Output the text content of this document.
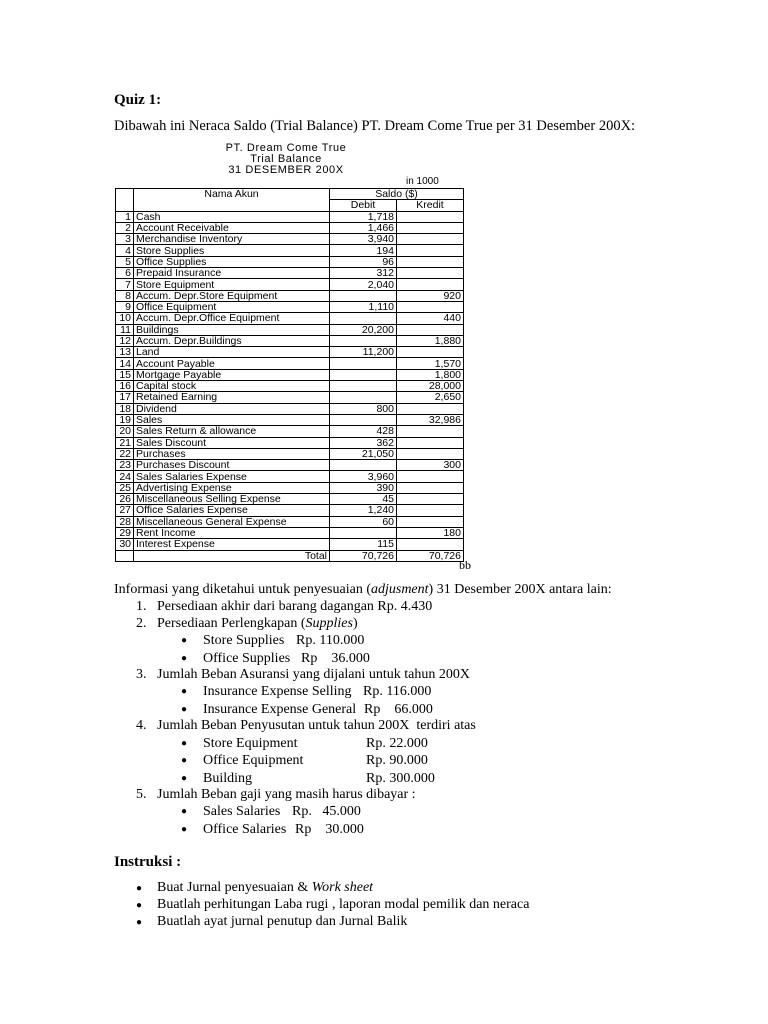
Quiz 1:
Dibawah ini Neraca Saldo (Trial Balance) PT. Dream Come True per 31 Desember 200X:
PT. Dream Come True
Trial Balance
31 DESEMBER 200X
in 1000
	Nama Akun	Saldo ($)	
		Debit	Kredit
1	Cash	1,718	
2	Account Receivable	1,466	
3	Merchandise Inventory	3,940	
4	Store Supplies	194	
5	Office Supplies	96	
6	Prepaid Insurance	312	
7	Store Equipment	2,040	
8	Accum. Depr.Store Equipment		920
9	Office Equipment	1,110	
10	Accum. Depr.Office Equipment		440
11	Buildings	20,200	
12	Accum. Depr.Buildings		1,880
13	Land	11,200	
14	Account Payable		1,570
15	Mortgage Payable		1,800
16	Capital stock		28,000
17	Retained Earning		2,650
18	Dividend	800	
19	Sales		32,986
20	Sales Return & allowance	428	
21	Sales Discount	362	
22	Purchases	21,050	
23	Purchases Discount		300
24	Sales Salaries Expense	3,960	
25	Advertising Expense	390	
26	Miscellaneous Selling Expense	45	
27	Office Salaries Expense	1,240	
28	Miscellaneous General Expense	60	
29	Rent Income		180
30	Interest Expense	115	
	Total	70,726	70,726
bb
Informasi yang diketahui untuk penyesuaian (adjusment) 31 Desember 200X antara lain:
1. Persediaan akhir dari barang dagangan Rp. 4.430
2. Persediaan Perlengkapan (Supplies)
● Store Supplies Rp. 110.000
● Office Supplies Rp    36.000
3. Jumlah Beban Asuransi yang dijalani untuk tahun 200X
● Insurance Expense Selling Rp. 116.000
● Insurance Expense General Rp    66.000
4. Jumlah Beban Penyusutan untuk tahun 200X  terdiri atas
● Store Equipment	Rp. 22.000
● Office Equipment	Rp. 90.000
● Building	Rp. 300.000
5. Jumlah Beban gaji yang masih harus dibayar :
● Sales Salaries Rp.   45.000
● Office Salaries Rp    30.000
Instruksi :
● Buat Jurnal penyesuaian & Work sheet
● Buatlah perhitungan Laba rugi , laporan modal pemilik dan neraca
● Buatlah ayat jurnal penutup dan Jurnal Balik
